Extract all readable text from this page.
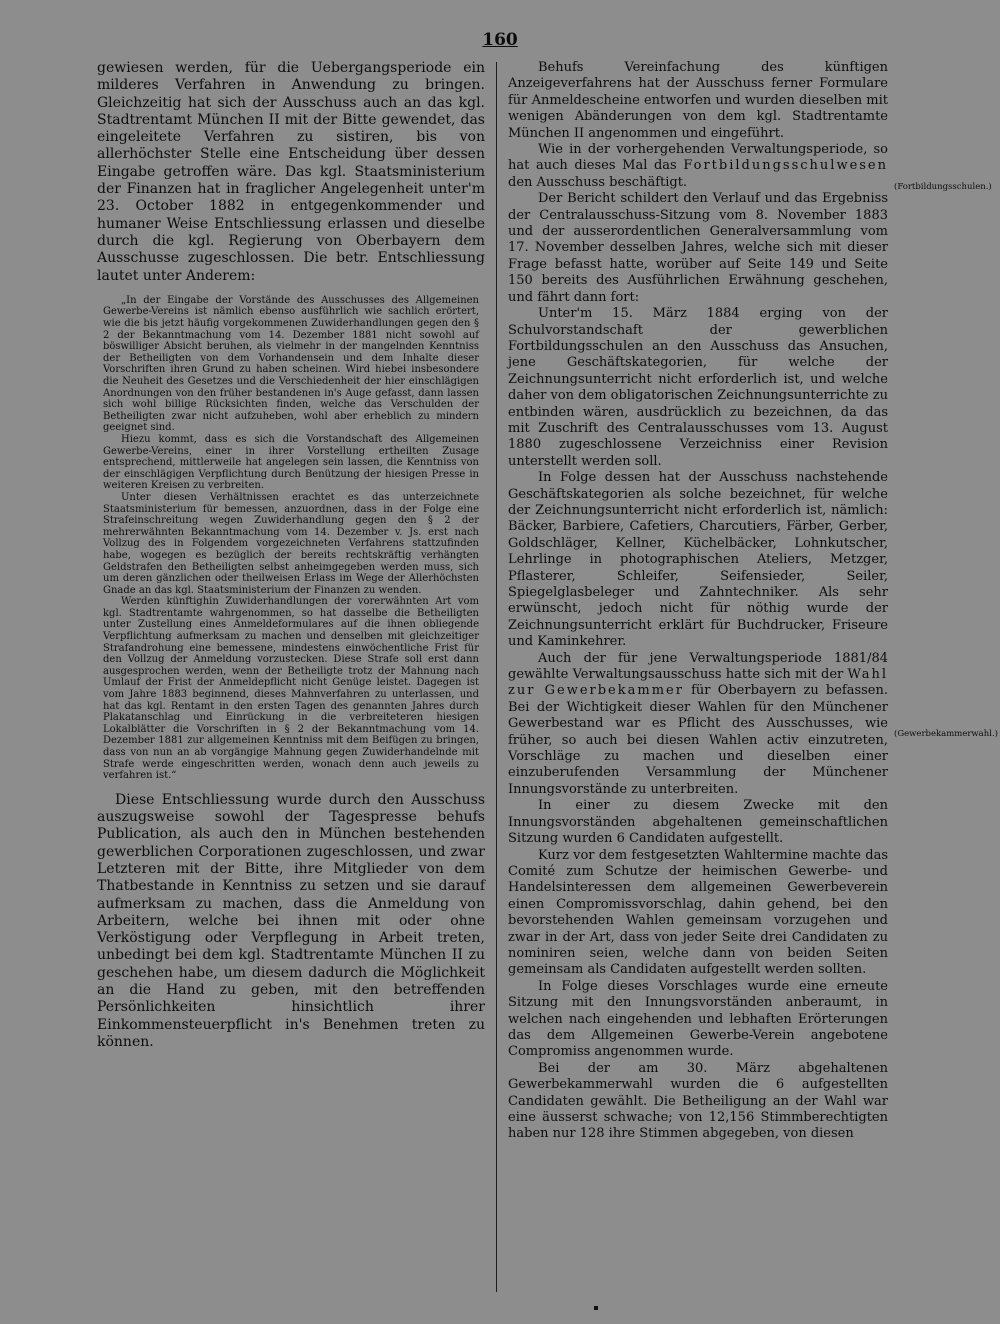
160

gewiesen werden, für die Uebergangsperiode ein milderes Verfahren in Anwendung zu bringen. Gleichzeitig hat sich der Ausschuss auch an das kgl. Stadtrentamt München II mit der Bitte gewendet, das eingeleitete Verfahren zu sistiren, bis von allerhöchster Stelle eine Entscheidung über dessen Eingabe getroffen wäre. Das kgl. Staatsministerium der Finanzen hat in fraglicher Angelegenheit unter'm 23. October 1882 in entgegenkommender und humaner Weise Entschliessung erlassen und dieselbe durch die kgl. Regierung von Oberbayern dem Ausschusse zugeschlossen. Die betr. Entschliessung lautet unter Anderem:

„In der Eingabe der Vorstände des Ausschusses des Allgemeinen Gewerbe-Vereins ist nämlich ebenso ausführlich wie sachlich erörtert, wie die bis jetzt häufig vorgekommenen Zuwiderhandlungen gegen den § 2 der Bekanntmachung vom 14. Dezember 1881 nicht sowohl auf böswilliger Absicht beruhen, als vielmehr in der mangelnden Kenntniss der Betheiligten von dem Vorhandensein und dem Inhalte dieser Vorschriften ihren Grund zu haben scheinen. Wird hiebei insbesondere die Neuheit des Gesetzes und die Verschiedenheit der hier einschlägigen Anordnungen von den früher bestandenen in's Auge gefasst, dann lassen sich wohl billige Rücksichten finden, welche das Verschulden der Betheiligten zwar nicht aufzuheben, wohl aber erheblich zu mindern geeignet sind.

Hiezu kommt, dass es sich die Vorstandschaft des Allgemeinen Gewerbe-Vereins, einer in ihrer Vorstellung ertheilten Zusage entsprechend, mittlerweile hat angelegen sein lassen, die Kenntniss von der einschlägigen Verpflichtung durch Benützung der hiesigen Presse in weiteren Kreisen zu verbreiten.

Unter diesen Verhältnissen erachtet es das unterzeichnete Staatsministerium für bemessen, anzuordnen, dass in der Folge eine Strafeinschreitung wegen Zuwiderhandlung gegen den § 2 der mehrerwähnten Bekanntmachung vom 14. Dezember v. Js. erst nach Vollzug des in Folgendem vorgezeichneten Verfahrens stattzufinden habe, wogegen es bezüglich der bereits rechtskräftig verhängten Geldstrafen den Betheiligten selbst anheimgegeben werden muss, sich um deren gänzlichen oder theilweisen Erlass im Wege der Allerhöchsten Gnade an das kgl. Staatsministerium der Finanzen zu wenden.

Werden künftighin Zuwiderhandlungen der vorerwähnten Art vom kgl. Stadtrentamte wahrgenommen, so hat dasselbe die Betheiligten unter Zustellung eines Anmeldeformulares auf die ihnen obliegende Verpflichtung aufmerksam zu machen und denselben mit gleichzeitiger Strafandrohung eine bemessene, mindestens einwöchentliche Frist für den Vollzug der Anmeldung vorzustecken. Diese Strafe soll erst dann ausgesprochen werden, wenn der Betheiligte trotz der Mahnung nach Umlauf der Frist der Anmeldepflicht nicht Genüge leistet. Dagegen ist vom Jahre 1883 beginnend, dieses Mahnverfahren zu unterlassen, und hat das kgl. Rentamt in den ersten Tagen des genannten Jahres durch Plakatanschlag und Einrückung in die verbreiteteren hiesigen Lokalblätter die Vorschriften in § 2 der Bekanntmachung vom 14. Dezember 1881 zur allgemeinen Kenntniss mit dem Beifügen zu bringen, dass von nun an ab vorgängige Mahnung gegen Zuwiderhandelnde mit Strafe werde eingeschritten werden, wonach denn auch jeweils zu verfahren ist.“

Diese Entschliessung wurde durch den Ausschuss auszugsweise sowohl der Tagespresse behufs Publication, als auch den in München bestehenden gewerblichen Corporationen zugeschlossen, und zwar Letzteren mit der Bitte, ihre Mitglieder von dem Thatbestande in Kenntniss zu setzen und sie darauf aufmerksam zu machen, dass die Anmeldung von Arbeitern, welche bei ihnen mit oder ohne Verköstigung oder Verpflegung in Arbeit treten, unbedingt bei dem kgl. Stadtrentamte München II zu geschehen habe, um diesem dadurch die Möglichkeit an die Hand zu geben, mit den betreffenden Persönlichkeiten hinsichtlich ihrer Einkommensteuerpflicht in's Benehmen treten zu können.

Behufs Vereinfachung des künftigen Anzeigeverfahrens hat der Ausschuss ferner Formulare für Anmeldescheine entworfen und wurden dieselben mit wenigen Abänderungen von dem kgl. Stadtrentamte München II angenommen und eingeführt.

Wie in der vorhergehenden Verwaltungsperiode, so hat auch dieses Mal das Fortbildungsschulwesen den Ausschuss beschäftigt.

Der Bericht schildert den Verlauf und das Ergebniss der Centralausschuss-Sitzung vom 8. November 1883 und der ausserordentlichen Generalversammlung vom 17. November desselben Jahres, welche sich mit dieser Frage befasst hatte, worüber auf Seite 149 und Seite 150 bereits des Ausführlichen Erwähnung geschehen, und fährt dann fort:

Unter'm 15. März 1884 erging von der Schulvorstandschaft der gewerblichen Fortbildungsschulen an den Ausschuss das Ansuchen, jene Geschäftskategorien, für welche der Zeichnungsunterricht nicht erforderlich ist, und welche daher von dem obligatorischen Zeichnungsunterrichte zu entbinden wären, ausdrücklich zu bezeichnen, da das mit Zuschrift des Centralausschusses vom 13. August 1880 zugeschlossene Verzeichniss einer Revision unterstellt werden soll.

In Folge dessen hat der Ausschuss nachstehende Geschäftskategorien als solche bezeichnet, für welche der Zeichnungsunterricht nicht erforderlich ist, nämlich: Bäcker, Barbiere, Cafetiers, Charcutiers, Färber, Gerber, Goldschläger, Kellner, Küchelbäcker, Lohnkutscher, Lehrlinge in photographischen Ateliers, Metzger, Pflasterer, Schleifer, Seifensieder, Seiler, Spiegelglasbeleger und Zahntechniker. Als sehr erwünscht, jedoch nicht für nöthig wurde der Zeichnungsunterricht erklärt für Buchdrucker, Friseure und Kaminkehrer.

Auch der für jene Verwaltungsperiode 1881/84 gewählte Verwaltungsausschuss hatte sich mit der Wahl zur Gewerbekammer für Oberbayern zu befassen. Bei der Wichtigkeit dieser Wahlen für den Münchener Gewerbestand war es Pflicht des Ausschusses, wie früher, so auch bei diesen Wahlen activ einzutreten, Vorschläge zu machen und dieselben einer einzuberufenden Versammlung der Münchener Innungsvorstände zu unterbreiten.

In einer zu diesem Zwecke mit den Innungsvorständen abgehaltenen gemeinschaftlichen Sitzung wurden 6 Candidaten aufgestellt.

Kurz vor dem festgesetzten Wahltermine machte das Comité zum Schutze der heimischen Gewerbe- und Handelsinteressen dem allgemeinen Gewerbeverein einen Compromissvorschlag, dahin gehend, bei den bevorstehenden Wahlen gemeinsam vorzugehen und zwar in der Art, dass von jeder Seite drei Candidaten zu nominiren seien, welche dann von beiden Seiten gemeinsam als Candidaten aufgestellt werden sollten.

In Folge dieses Vorschlages wurde eine erneute Sitzung mit den Innungsvorständen anberaumt, in welchen nach eingehenden und lebhaften Erörterungen das dem Allgemeinen Gewerbe-Verein angebotene Compromiss angenommen wurde.

Bei der am 30. März abgehaltenen Gewerbekammerwahl wurden die 6 aufgestellten Candidaten gewählt. Die Betheiligung an der Wahl war eine äusserst schwache; von 12,156 Stimmberechtigten haben nur 128 ihre Stimmen abgegeben, von diesen

(Fortbildungsschulen.)
(Gewerbekammerwahl.)
